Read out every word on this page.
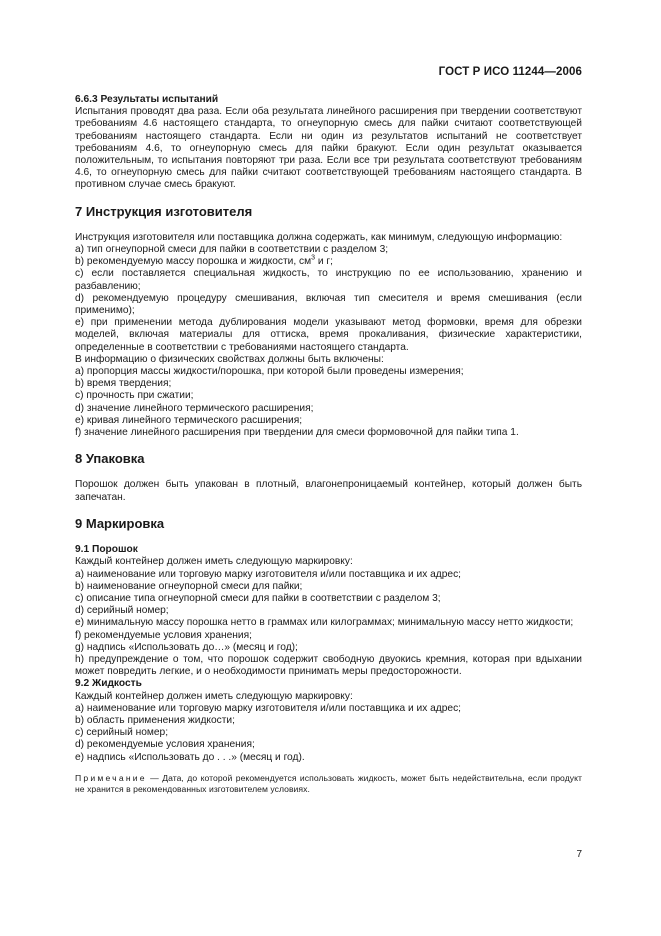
ГОСТ Р ИСО 11244—2006

6.6.3 Результаты испытаний

Испытания проводят два раза. Если оба результата линейного расширения при твердении соответствуют требованиям 4.6 настоящего стандарта, то огнеупорную смесь для пайки считают соответствующей требованиям настоящего стандарта. Если ни один из результатов испытаний не соответствует требованиям 4.6, то огнеупорную смесь для пайки бракуют. Если один результат оказывается положительным, то испытания повторяют три раза. Если все три результата соответствуют требованиям 4.6, то огнеупорную смесь для пайки считают соответствующей требованиям настоящего стандарта. В противном случае смесь бракуют.

7 Инструкция изготовителя

Инструкция изготовителя или поставщика должна содержать, как минимум, следующую информацию:

a) тип огнеупорной смеси для пайки в соответствии с разделом 3;

b) рекомендуемую массу порошка и жидкости, $см^3$ и г;

c) если поставляется специальная жидкость, то инструкцию по ее использованию, хранению и разбавлению;

d) рекомендуемую процедуру смешивания, включая тип смесителя и время смешивания (если применимо);

e) при применении метода дублирования модели указывают метод формовки, время для обрезки моделей, включая материалы для оттиска, время прокаливания, физические характеристики, определенные в соответствии с требованиями настоящего стандарта.

В информацию о физических свойствах должны быть включены:

a) пропорция массы жидкости/порошка, при которой были проведены измерения;

b) время твердения;

c) прочность при сжатии;

d) значение линейного термического расширения;

e) кривая линейного термического расширения;

f) значение линейного расширения при твердении для смеси формовочной для пайки типа 1.

8 Упаковка

Порошок должен быть упакован в плотный, влагонепроницаемый контейнер, который должен быть запечатан.

9 Маркировка

9.1 Порошок

Каждый контейнер должен иметь следующую маркировку:

a) наименование или торговую марку изготовителя и/или поставщика и их адрес;

b) наименование огнеупорной смеси для пайки;

c) описание типа огнеупорной смеси для пайки в соответствии с разделом 3;

d) серийный номер;

e) минимальную массу порошка нетто в граммах или килограммах; минимальную массу нетто жидкости;

f) рекомендуемые условия хранения;

g) надпись «Использовать до…» (месяц и год);

h) предупреждение о том, что порошок содержит свободную двуокись кремния, которая при вдыхании может повредить легкие, и о необходимости принимать меры предосторожности.

9.2 Жидкость

Каждый контейнер должен иметь следующую маркировку:

a) наименование или торговую марку изготовителя и/или поставщика и их адрес;

b) область применения жидкости;

c) серийный номер;

d) рекомендуемые условия хранения;

e) надпись «Использовать до . . .» (месяц и год).

Примечание — Дата, до которой рекомендуется использовать жидкость, может быть недействительна, если продукт не хранится в рекомендованных изготовителем условиях.

7
